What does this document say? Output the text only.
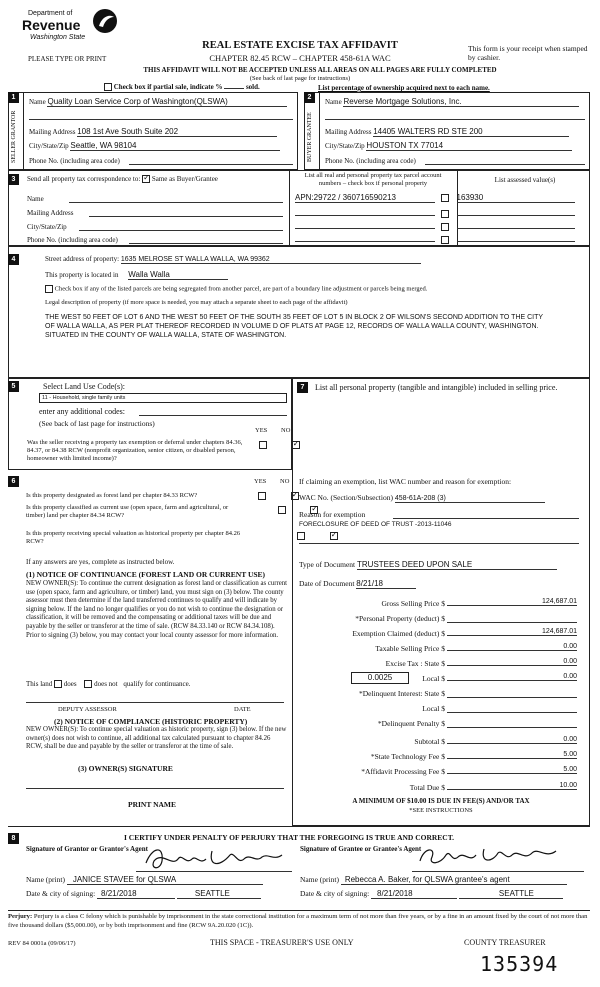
Department of
Revenue
Washington State
PLEASE TYPE OR PRINT
REAL ESTATE EXCISE TAX AFFIDAVIT
CHAPTER 82.45 RCW – CHAPTER 458-61A WAC
This form is your receipt when stamped by cashier.
THIS AFFIDAVIT WILL NOT BE ACCEPTED UNLESS ALL AREAS ON ALL PAGES ARE FULLY COMPLETED
(See back of last page for instructions)
Check box if partial sale, indicate %	sold.	List percentage of ownership acquired next to each name.
1
SELLER GRANTOR
Name Quality Loan Service Corp of Washington(QLSWA)
Mailing Address 108 1st Ave South Suite 202
City/State/Zip Seattle, WA 98104
Phone No. (including area code)
2
BUYER GRANTEE
Name Reverse Mortgage Solutions, Inc.
Mailing Address 14405 WALTERS RD STE 200
City/State/Zip HOUSTON TX 77014
Phone No. (including area code)
3	Send all property tax correspondence to: ✓ Same as Buyer/Grantee
Name
Mailing Address
City/State/Zip
Phone No. (including area code)
List all real and personal property tax parcel account numbers – check box if personal property	List assessed value(s)
APN:29722 / 360716590213	163930

4	Street address of property: 1635 MELROSE ST WALLA WALLA, WA 99362
This property is located in Walla Walla
Check box if any of the listed parcels are being segregated from another parcel, are part of a boundary line adjustment or parcels being merged.
Legal description of property (if more space is needed, you may attach a separate sheet to each page of the affidavit)
THE WEST 50 FEET OF LOT 6 AND THE WEST 50 FEET OF THE SOUTH 35 FEET OF LOT 5 IN BLOCK 2 OF WILSON'S SECOND ADDITION TO THE CITY OF WALLA WALLA, AS PER PLAT THEREOF RECORDED IN VOLUME D OF PLATS AT PAGE 12, RECORDS OF WALLA WALLA COUNTY, WASHINGTON. SITUATED IN THE COUNTY OF WALLA WALLA, STATE OF WASHINGTON.
5	Select Land Use Code(s):
11 - Household, single family units
enter any additional codes:
(See back of last page for instructions)
YES NO
Was the seller receiving a property tax exemption or deferral under chapters 84.36, 84.37, or 84.38 RCW (nonprofit organization, senior citizen, or disabled person, homeowner with limited income)?
✓
6	YES NO
Is this property designated as forest land per chapter 84.33 RCW?
✓
Is this property classified as current use (open space, farm and agricultural, or timber) land per chapter 84.34 RCW?
✓
Is this property receiving special valuation as historical property per chapter 84.26 RCW?
✓
If any answers are yes, complete as instructed below.
(1) NOTICE OF CONTINUANCE (FOREST LAND OR CURRENT USE)
NEW OWNER(S): To continue the current designation as forest land or classification as current use (open space, farm and agriculture, or timber) land, you must sign on (3) below. The county assessor must then determine if the land transferred continues to qualify and will indicate by signing below. If the land no longer qualifies or you do not wish to continue the designation or classification, it will be removed and the compensating or additional taxes will be due and payable by the seller or transferor at the time of sale. (RCW 84.33.140 or RCW 84.34.108). Prior to signing (3) below, you may contact your local county assessor for more information.
This land does	does not qualify for continuance.
DEPUTY ASSESSOR	DATE
(2) NOTICE OF COMPLIANCE (HISTORIC PROPERTY)
NEW OWNER(S): To continue special valuation as historic property, sign (3) below. If the new owner(s) does not wish to continue, all additional tax calculated pursuant to chapter 84.26 RCW, shall be due and payable by the seller or transferor at the time of sale.
(3) OWNER(S) SIGNATURE
PRINT NAME
7	List all personal property (tangible and intangible) included in selling price.
If claiming an exemption, list WAC number and reason for exemption:
WAC No. (Section/Subsection) 458-61A-208 (3)
Reason for exemption
FORECLOSURE OF DEED OF TRUST -2013-11046
Type of Document TRUSTEES DEED UPON SALE
Date of Document 8/21/18
Gross Selling Price $	124,687.01
*Personal Property (deduct) $
Exemption Claimed (deduct) $	124,687.01
Taxable Selling Price $	0.00
Excise Tax : State $	0.00
0.0025	Local $	0.00
*Delinquent Interest: State $
Local $
*Delinquent Penalty $
Subtotal $	0.00
*State Technology Fee $	5.00
*Affidavit Processing Fee $	5.00
Total Due $	10.00
A MINIMUM OF $10.00 IS DUE IN FEE(S) AND/OR TAX
*SEE INSTRUCTIONS
8	I CERTIFY UNDER PENALTY OF PERJURY THAT THE FOREGOING IS TRUE AND CORRECT.
Signature of Grantor or Grantor's Agent	Signature of Grantee or Grantee's Agent
Name (print) JANICE STAVEE for QLSWA	Name (print) Rebecca A. Baker, for QLSWA grantee's agent
Date & city of signing: 8/21/2018	SEATTLE	Date & city of signing: 8/21/2018	SEATTLE
Perjury: Perjury is a class C felony which is punishable by imprisonment in the state correctional institution for a maximum term of not more than five years, or by a fine in an amount fixed by the court of not more than five thousand dollars ($5,000.00), or by both imprisonment and fine (RCW 9A.20.020 (1C)).
REV 84 0001a (09/06/17)	THIS SPACE - TREASURER'S USE ONLY	COUNTY TREASURER
135394
